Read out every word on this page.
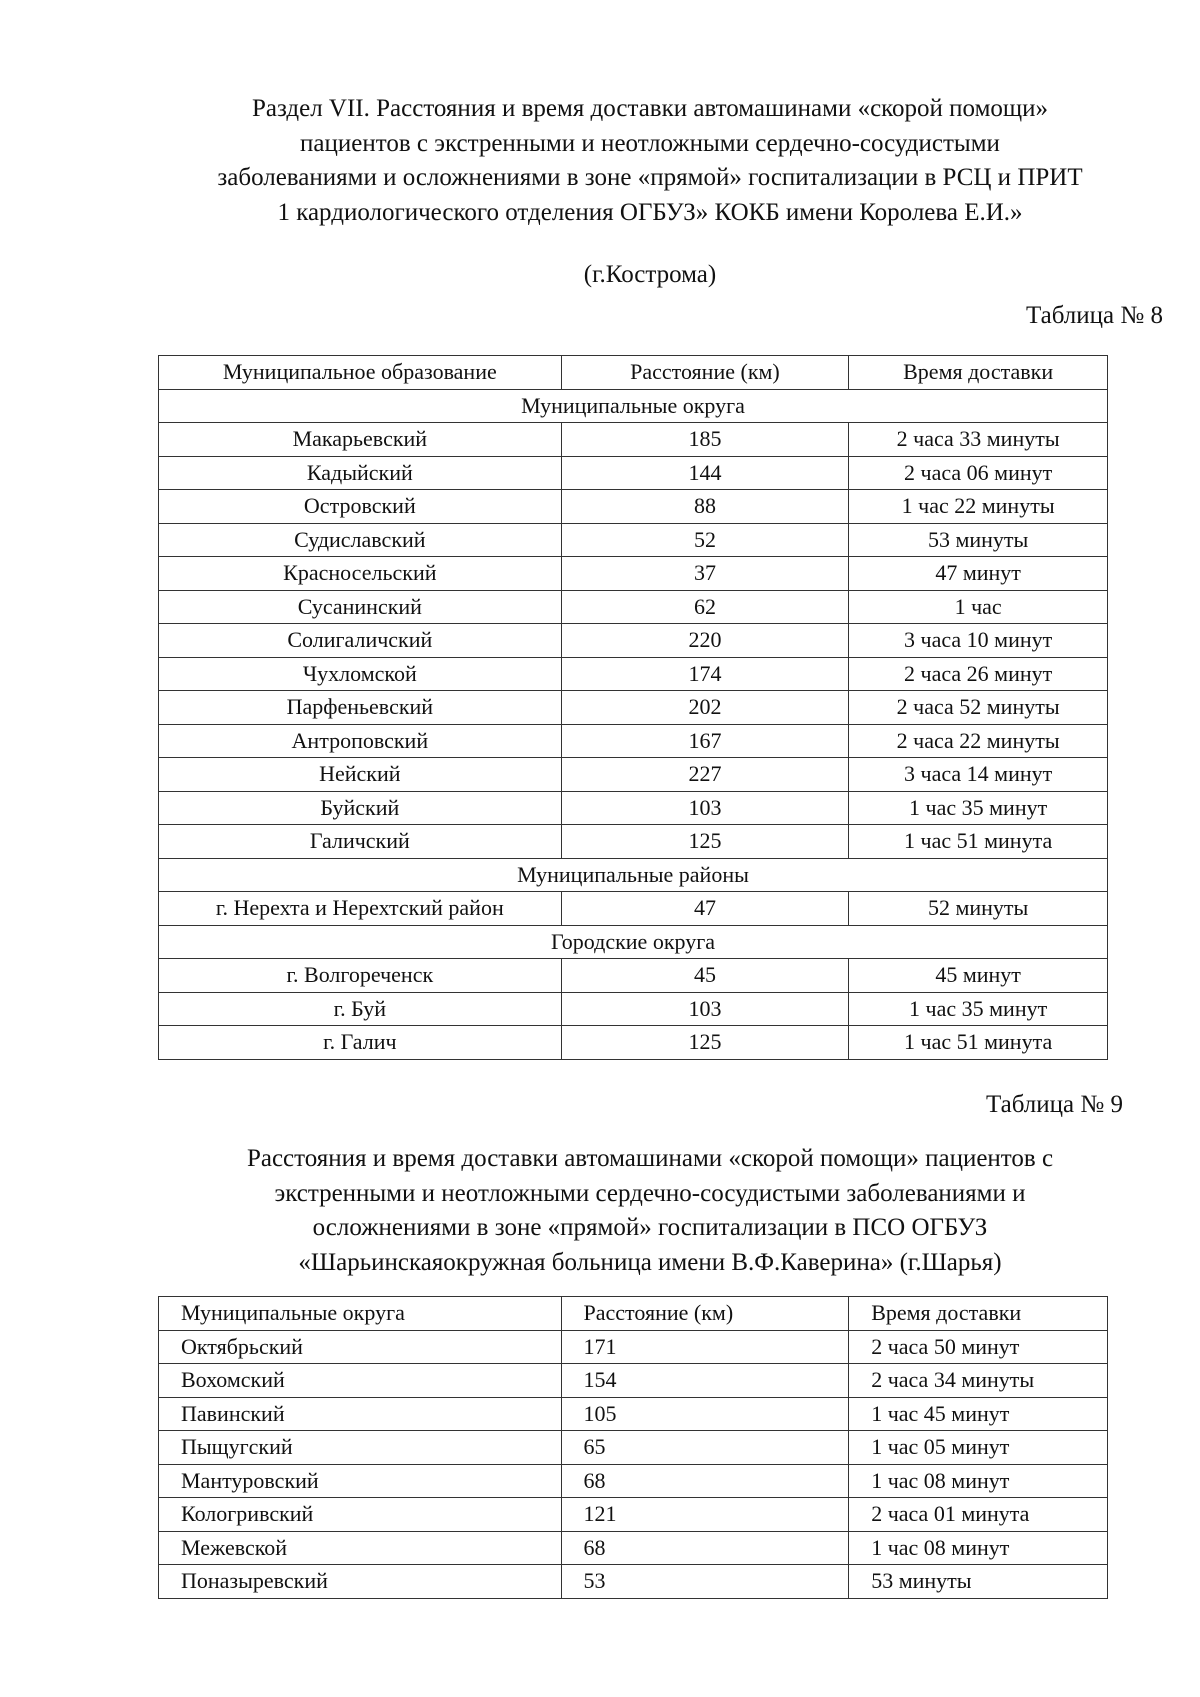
Раздел VII. Расстояния и время доставки автомашинами «скорой помощи»
пациентов с экстренными и неотложными сердечно-сосудистыми
заболеваниями и осложнениями в зоне «прямой» госпитализации в РСЦ и ПРИТ
1 кардиологического отделения ОГБУЗ» КОКБ имени Королева Е.И.»
(г.Кострома)
Таблица № 8
Муниципальное образование	Расстояние (км)	Время доставки
Муниципальные округа		
Макарьевский	185	2 часа 33 минуты
Кадыйский	144	2 часа 06 минут
Островский	88	1 час 22 минуты
Судиславский	52	53 минуты
Красносельский	37	47 минут
Сусанинский	62	1 час
Солигаличский	220	3 часа 10 минут
Чухломской	174	2 часа 26 минут
Парфеньевский	202	2 часа 52 минуты
Антроповский	167	2 часа 22 минуты
Нейский	227	3 часа 14 минут
Буйский	103	1 час 35 минут
Галичский	125	1 час 51 минута
Муниципальные районы		
г. Нерехта и Нерехтский район	47	52 минуты
Городские округа		
г. Волгореченск	45	45 минут
г. Буй	103	1 час 35 минут
г. Галич	125	1 час 51 минута
Таблица № 9
Расстояния и время доставки автомашинами «скорой помощи» пациентов с
экстренными и неотложными сердечно-сосудистыми заболеваниями и
осложнениями в зоне «прямой» госпитализации в ПСО ОГБУЗ
«Шарьинскаяокружная больница имени В.Ф.Каверина» (г.Шарья)
Муниципальные округа	Расстояние (км)	Время доставки
Октябрьский	171	2 часа 50 минут
Вохомский	154	2 часа 34 минуты
Павинский	105	1 час 45 минут
Пыщугский	65	1 час 05 минут
Мантуровский	68	1 час 08 минут
Кологривский	121	2 часа 01 минута
Межевской	68	1 час 08 минут
Поназыревский	53	53 минуты
